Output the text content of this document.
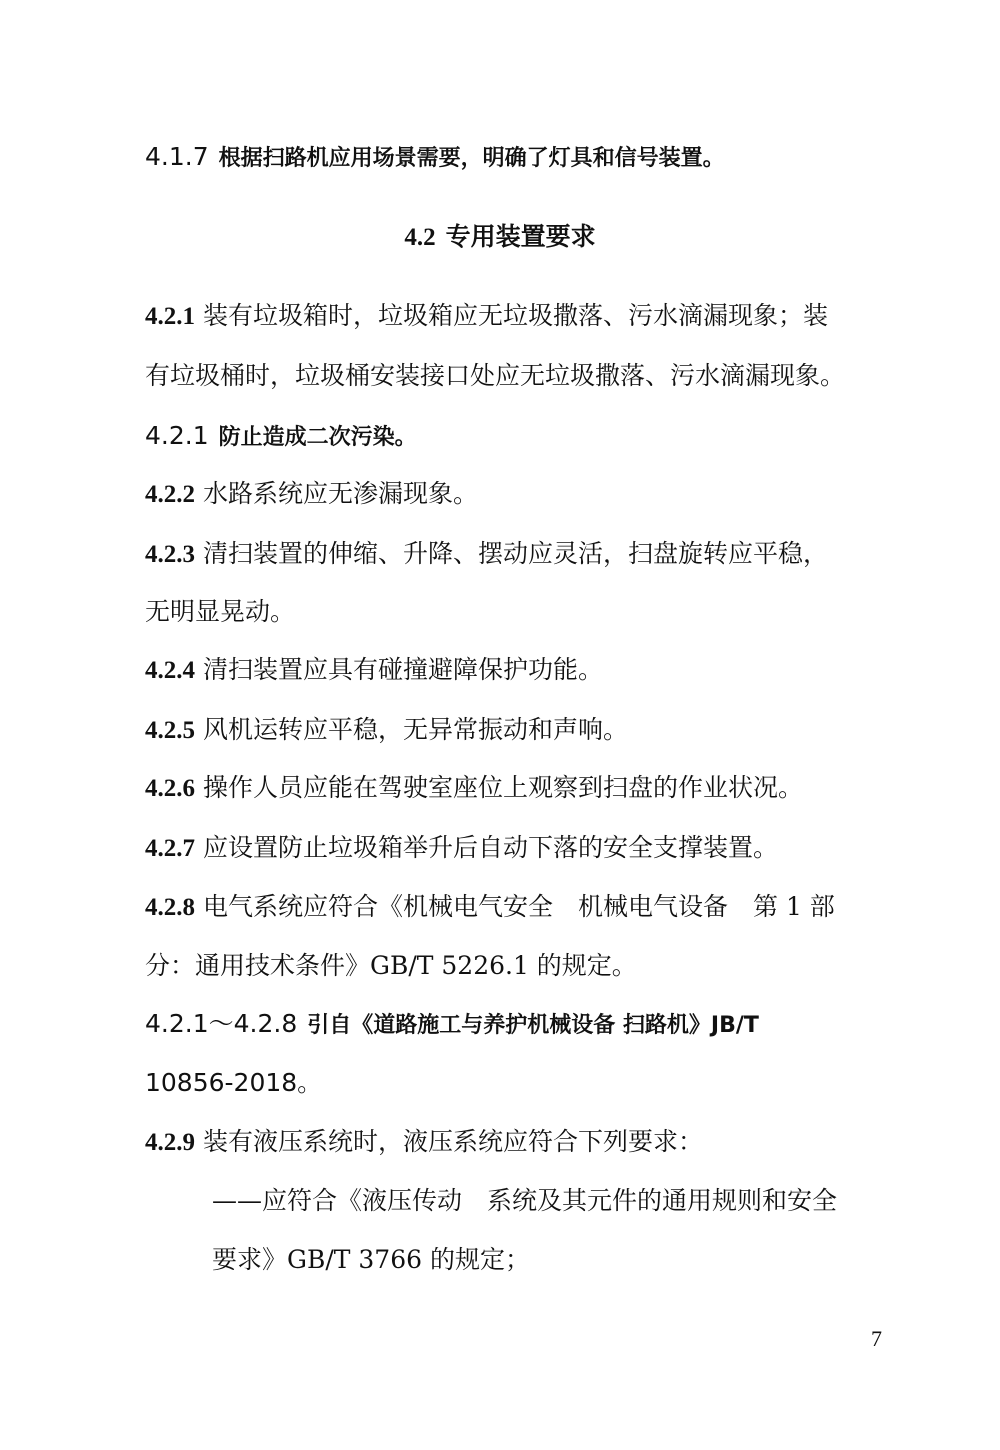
4.1.7 根据扫路机应用场景需要，明确了灯具和信号装置。
4.2 专用装置要求
4.2.1 装有垃圾箱时，垃圾箱应无垃圾撒落、污水滴漏现象；装
有垃圾桶时，垃圾桶安装接口处应无垃圾撒落、污水滴漏现象。
4.2.1 防止造成二次污染。
4.2.2 水路系统应无渗漏现象。
4.2.3 清扫装置的伸缩、升降、摆动应灵活，扫盘旋转应平稳，
无明显晃动。
4.2.4 清扫装置应具有碰撞避障保护功能。
4.2.5 风机运转应平稳，无异常振动和声响。
4.2.6 操作人员应能在驾驶室座位上观察到扫盘的作业状况。
4.2.7 应设置防止垃圾箱举升后自动下落的安全支撑装置。
4.2.8 电气系统应符合《机械电气安全　机械电气设备　第 1 部
分：通用技术条件》GB/T 5226.1 的规定。
4.2.1～4.2.8 引自《道路施工与养护机械设备 扫路机》JB/T
10856-2018。
4.2.9 装有液压系统时，液压系统应符合下列要求：
——应符合《液压传动　系统及其元件的通用规则和安全
要求》GB/T 3766 的规定；
7
